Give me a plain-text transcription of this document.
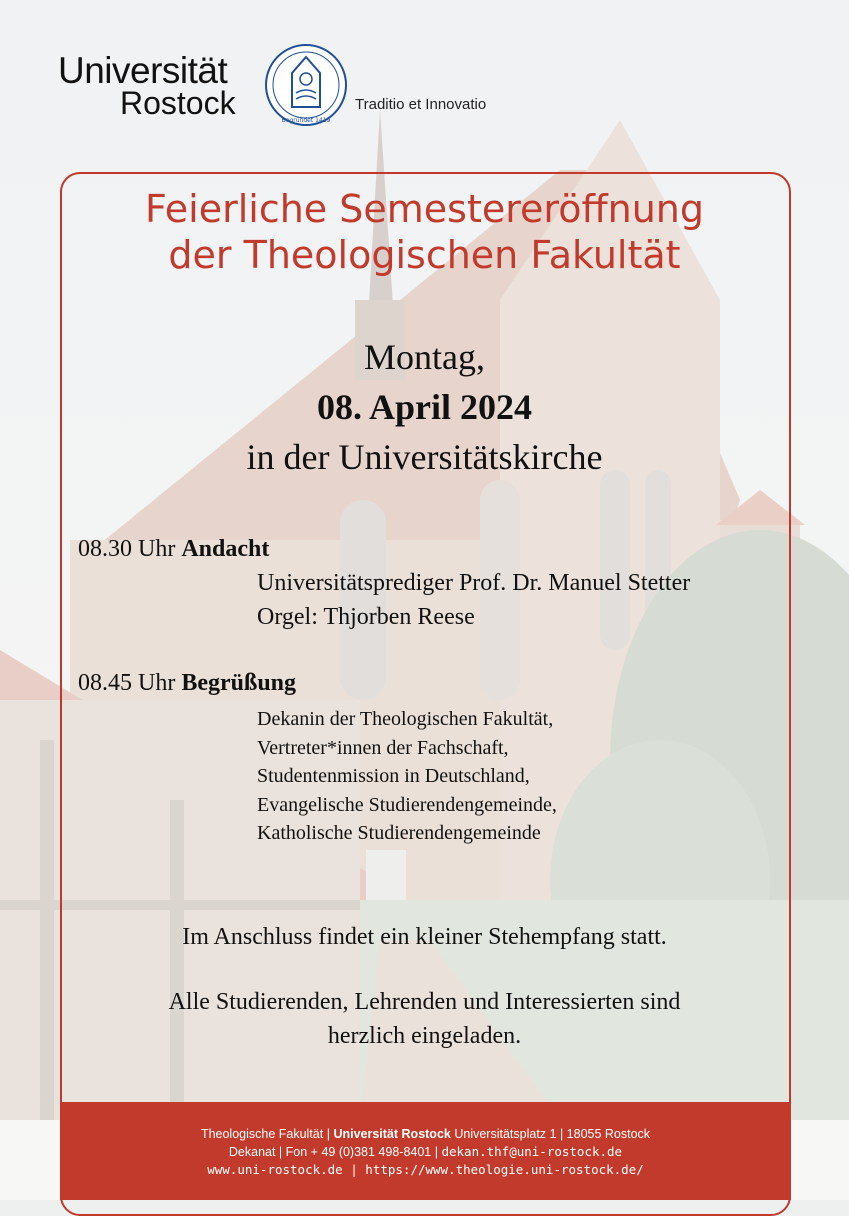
Universität
Rostock	Begründet 1419
Traditio et Innovatio
Feierliche Semestereröffnung
der Theologischen Fakultät
Montag,
08. April 2024
in der Universitätskirche
08.30 Uhr Andacht
Universitätsprediger Prof. Dr. Manuel Stetter
Orgel: Thjorben Reese
08.45 Uhr Begrüßung
Dekanin der Theologischen Fakultät,
Vertreter*innen der Fachschaft,
Studentenmission in Deutschland,
Evangelische Studierendengemeinde,
Katholische Studierendengemeinde
Im Anschluss findet ein kleiner Stehempfang statt.
Alle Studierenden, Lehrenden und Interessierten sind
herzlich eingeladen.
Theologische Fakultät | Universität Rostock Universitätsplatz 1 | 18055 Rostock
Dekanat | Fon + 49 (0)381 498-8401 | dekan.thf@uni-rostock.de
www.uni-rostock.de | https://www.theologie.uni-rostock.de/
